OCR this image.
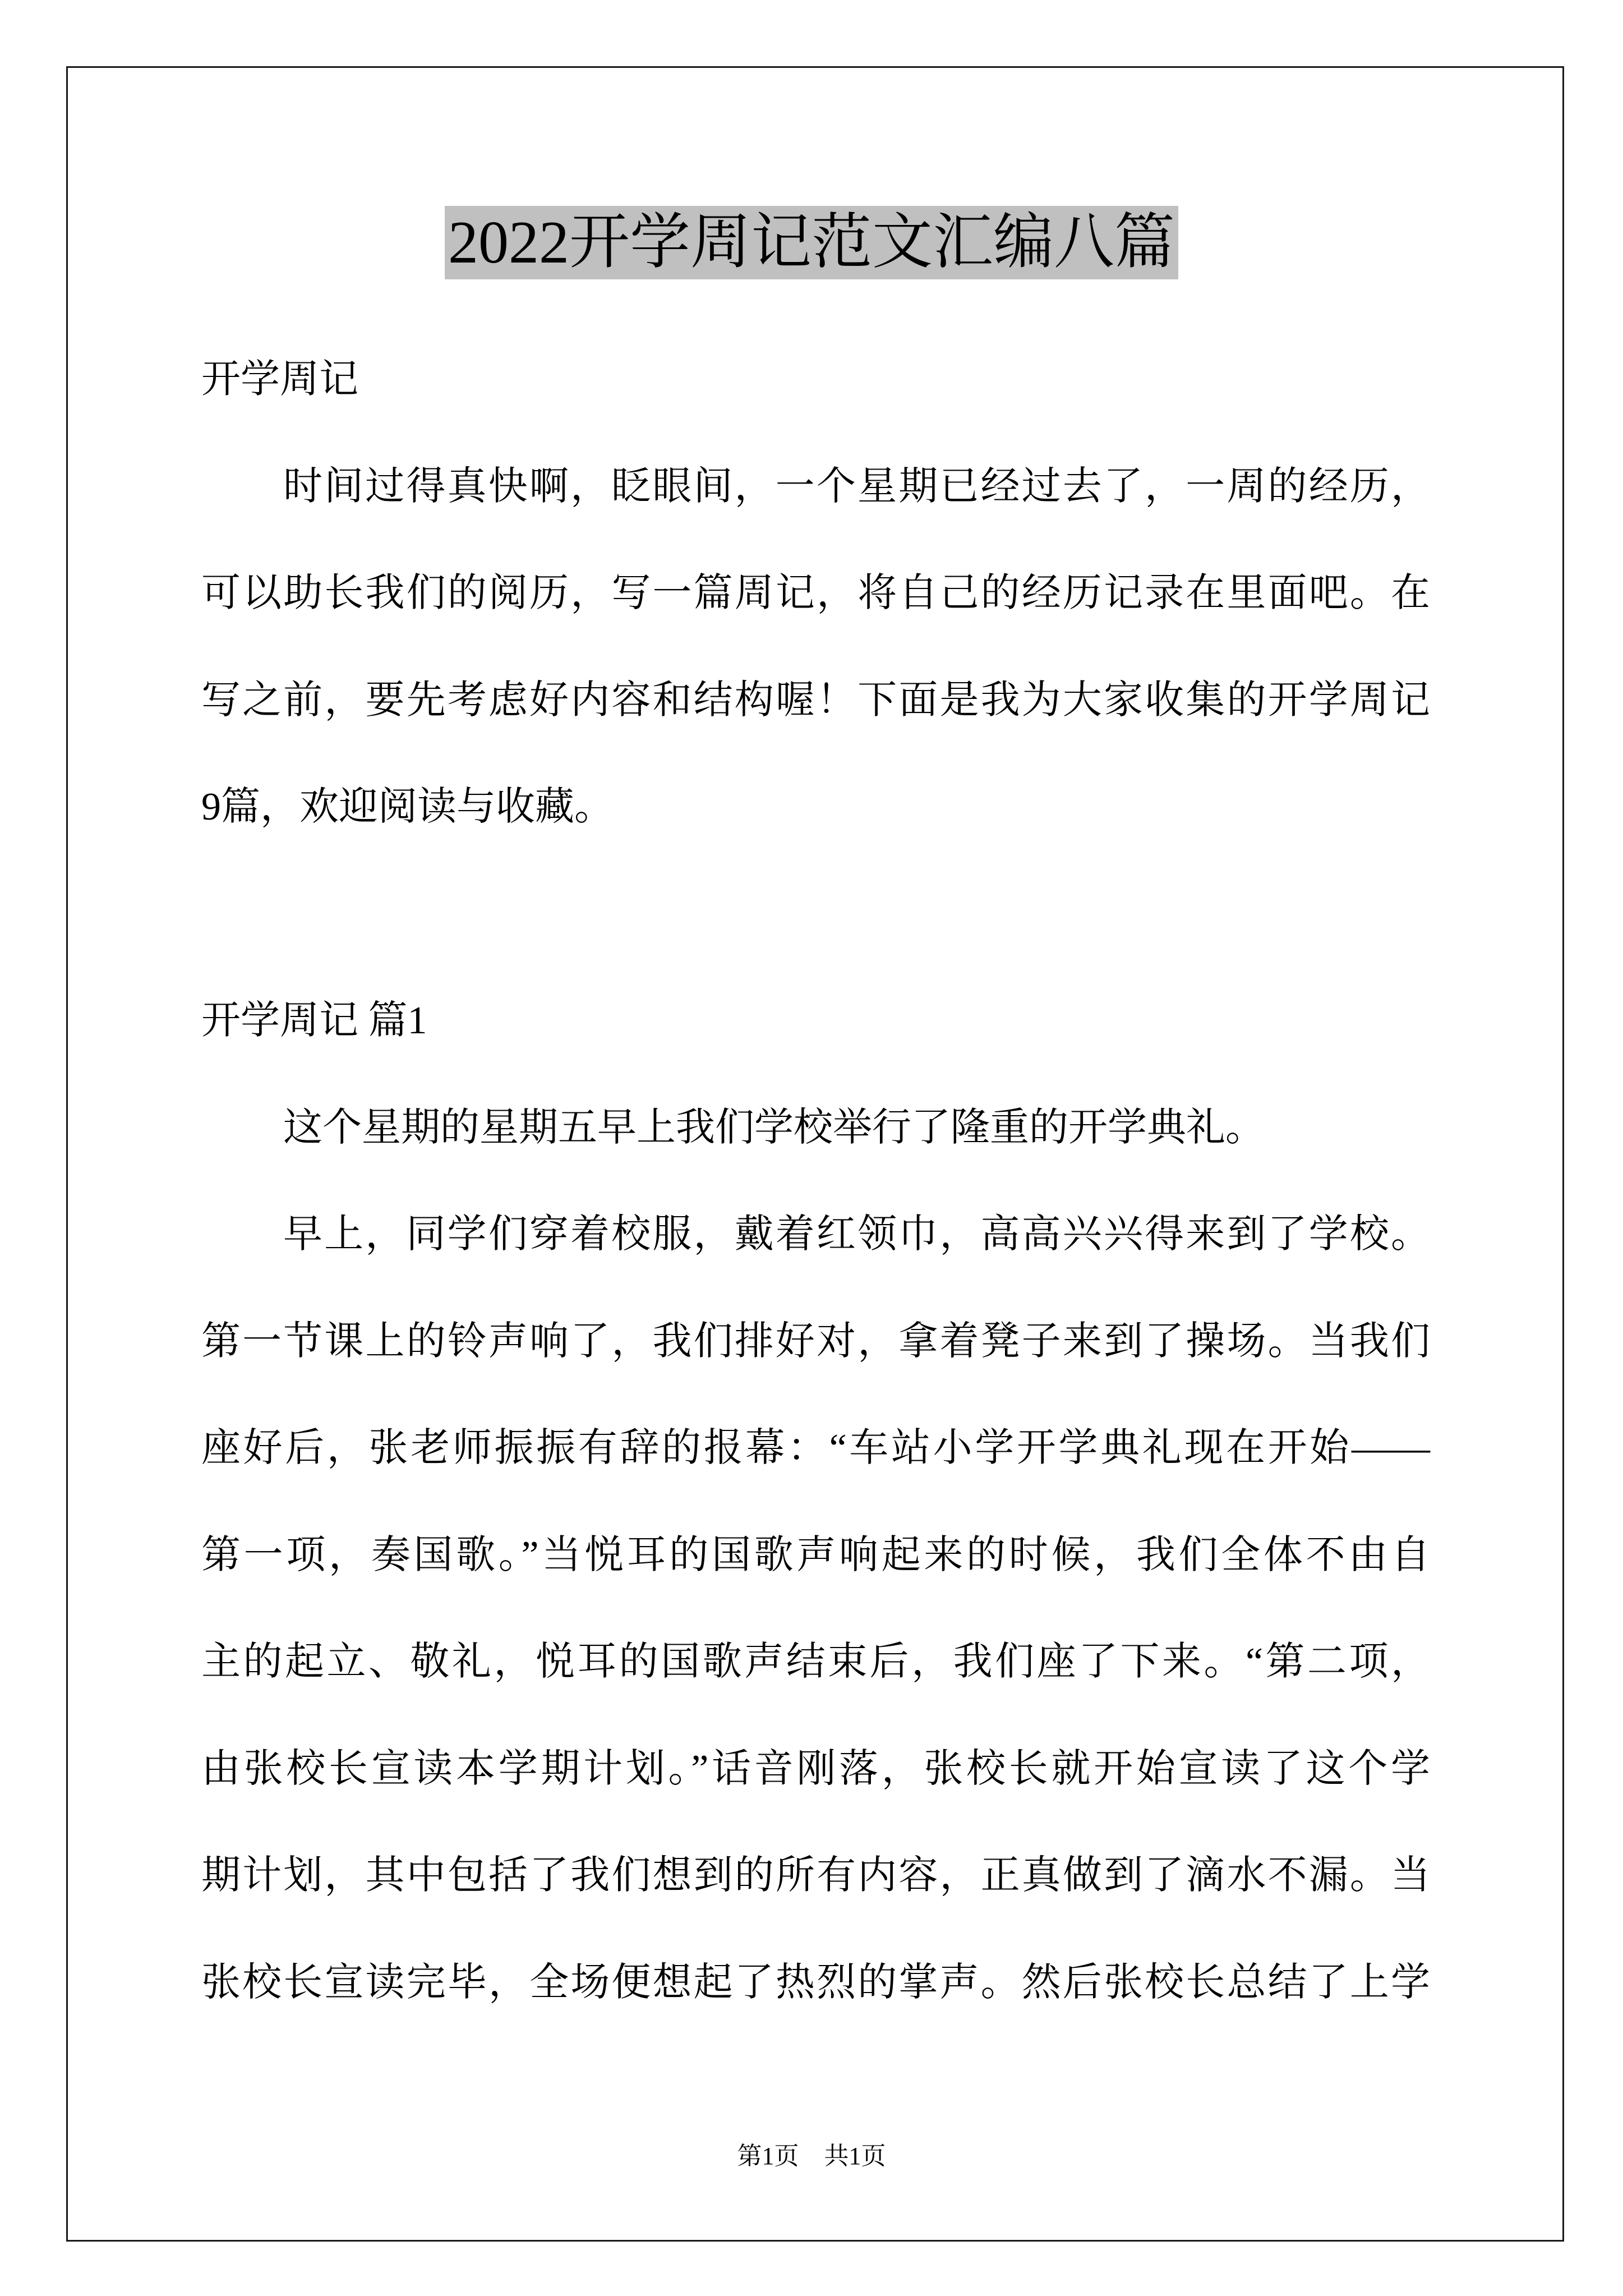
2022开学周记范文汇编八篇
开学周记
时间过得真快啊，眨眼间，一个星期已经过去了，一周的经历，
可以助长我们的阅历，写一篇周记，将自己的经历记录在里面吧。在
写之前，要先考虑好内容和结构喔！下面是我为大家收集的开学周记
9篇，欢迎阅读与收藏。
开学周记 篇1
这个星期的星期五早上我们学校举行了隆重的开学典礼。
早上，同学们穿着校服，戴着红领巾，高高兴兴得来到了学校。
第一节课上的铃声响了，我们排好对，拿着凳子来到了操场。当我们
座好后，张老师振振有辞的报幕：“车站小学开学典礼现在开始——
第一项，奏国歌。”当悦耳的国歌声响起来的时候，我们全体不由自
主的起立、敬礼，悦耳的国歌声结束后，我们座了下来。“第二项，
由张校长宣读本学期计划。”话音刚落，张校长就开始宣读了这个学
期计划，其中包括了我们想到的所有内容，正真做到了滴水不漏。当
张校长宣读完毕，全场便想起了热烈的掌声。然后张校长总结了上学
第1页 共1页
